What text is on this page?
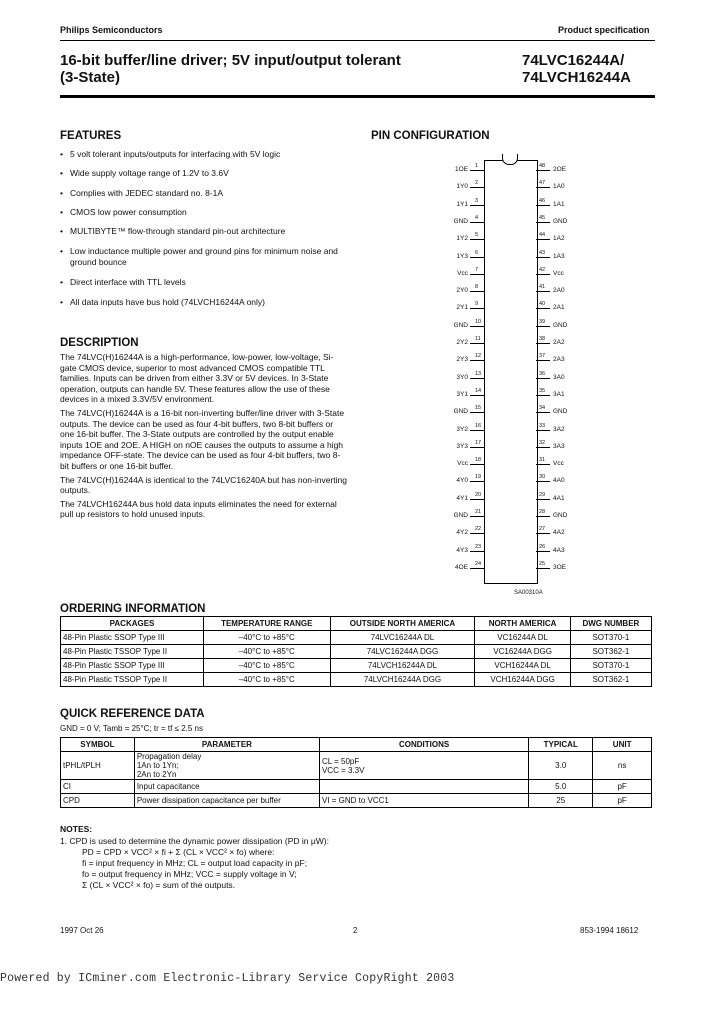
Philips Semiconductors	Product specification
16-bit buffer/line driver; 5V input/output tolerant
(3-State)
74LVC16244A/
74LVCH16244A
FEATURES
• 5 volt tolerant inputs/outputs for interfacing with 5V logic
• Wide supply voltage range of 1.2V to 3.6V
• Complies with JEDEC standard no. 8-1A
• CMOS low power consumption
• MULTIBYTE™ flow-through standard pin-out architecture
• Low inductance multiple power and ground pins for minimum noise and ground bounce
• Direct interface with TTL levels
• All data inputs have bus hold (74LVCH16244A only)
DESCRIPTION

The 74LVC(H)16244A is a high-performance, low-power, low-voltage, Si-gate CMOS device, superior to most advanced CMOS compatible TTL families. Inputs can be driven from either 3.3V or 5V devices. In 3-State operation, outputs can handle 5V. These features allow the use of these devices in a mixed 3.3V/5V environment.

The 74LVC(H)16244A is a 16-bit non-inverting buffer/line driver with 3-State outputs. The device can be used as four 4-bit buffers, two 8-bit buffers or one 16-bit buffer. The 3-State outputs are controlled by the output enable inputs 1OE and 2OE. A HIGH on nOE causes the outputs to assume a high impedance OFF-state. The device can be used as four 4-bit buffers, two 8-bit buffers or one 16-bit buffer.

The 74LVC(H)16244A is identical to the 74LVC16240A but has non-inverting outputs.

The 74LVCH16244A bus hold data inputs eliminates the need for external pull up resistors to hold unused inputs.

PIN CONFIGURATION
SA00310A
1OE 1
1Y0 2
1Y1 3
GND 4
1Y2 5
1Y3 6
Vcc 7
2Y0 8
2Y1 9
GND 10
2Y2 11
2Y3 12
3Y0 13
3Y1 14
GND 15
3Y2 16
3Y3 17
Vcc 18
4Y0 19
4Y1 20
GND 21
4Y2 22
4Y3 23
4OE 24
48 2OE
47 1A0
46 1A1
45 GND
44 1A2
43 1A3
42 Vcc
41 2A0
40 2A1
39 GND
38 2A2
37 2A3
36 3A0
35 3A1
34 GND
33 3A2
32 3A3
31 Vcc
30 4A0
29 4A1
28 GND
27 4A2
26 4A3
25 3OE
ORDERING INFORMATION
PACKAGES	TEMPERATURE RANGE	OUTSIDE NORTH AMERICA	NORTH AMERICA	DWG NUMBER
48-Pin Plastic SSOP Type III	–40°C to +85°C	74LVC16244A DL	VC16244A DL	SOT370-1
48-Pin Plastic TSSOP Type II	–40°C to +85°C	74LVC16244A DGG	VC16244A DGG	SOT362-1
48-Pin Plastic SSOP Type III	–40°C to +85°C	74LVCH16244A DL	VCH16244A DL	SOT370-1
48-Pin Plastic TSSOP Type II	–40°C to +85°C	74LVCH16244A DGG	VCH16244A DGG	SOT362-1
QUICK REFERENCE DATA
GND = 0 V; Tamb = 25°C; tr = tf ≤ 2.5 ns
SYMBOL	PARAMETER	CONDITIONS	TYPICAL	UNIT
tPHL/tPLH	Propagation delay
1An to 1Yn;
2An to 2Yn	CL = 50pF
VCC = 3.3V	3.0	ns
CI	Input capacitance		5.0	pF
CPD	Power dissipation capacitance per buffer	VI = GND to VCC1	25	pF
NOTES:
1. CPD is used to determine the dynamic power dissipation (PD in μW):
PD = CPD × VCC² × fi + Σ (CL × VCC² × fo) where:
fi = input frequency in MHz; CL = output load capacity in pF;
fo = output frequency in MHz; VCC = supply voltage in V;
Σ (CL × VCC² × fo) = sum of the outputs.
1997 Oct 26	2	853-1994 18612
Powered by ICminer.com Electronic-Library Service CopyRight 2003
